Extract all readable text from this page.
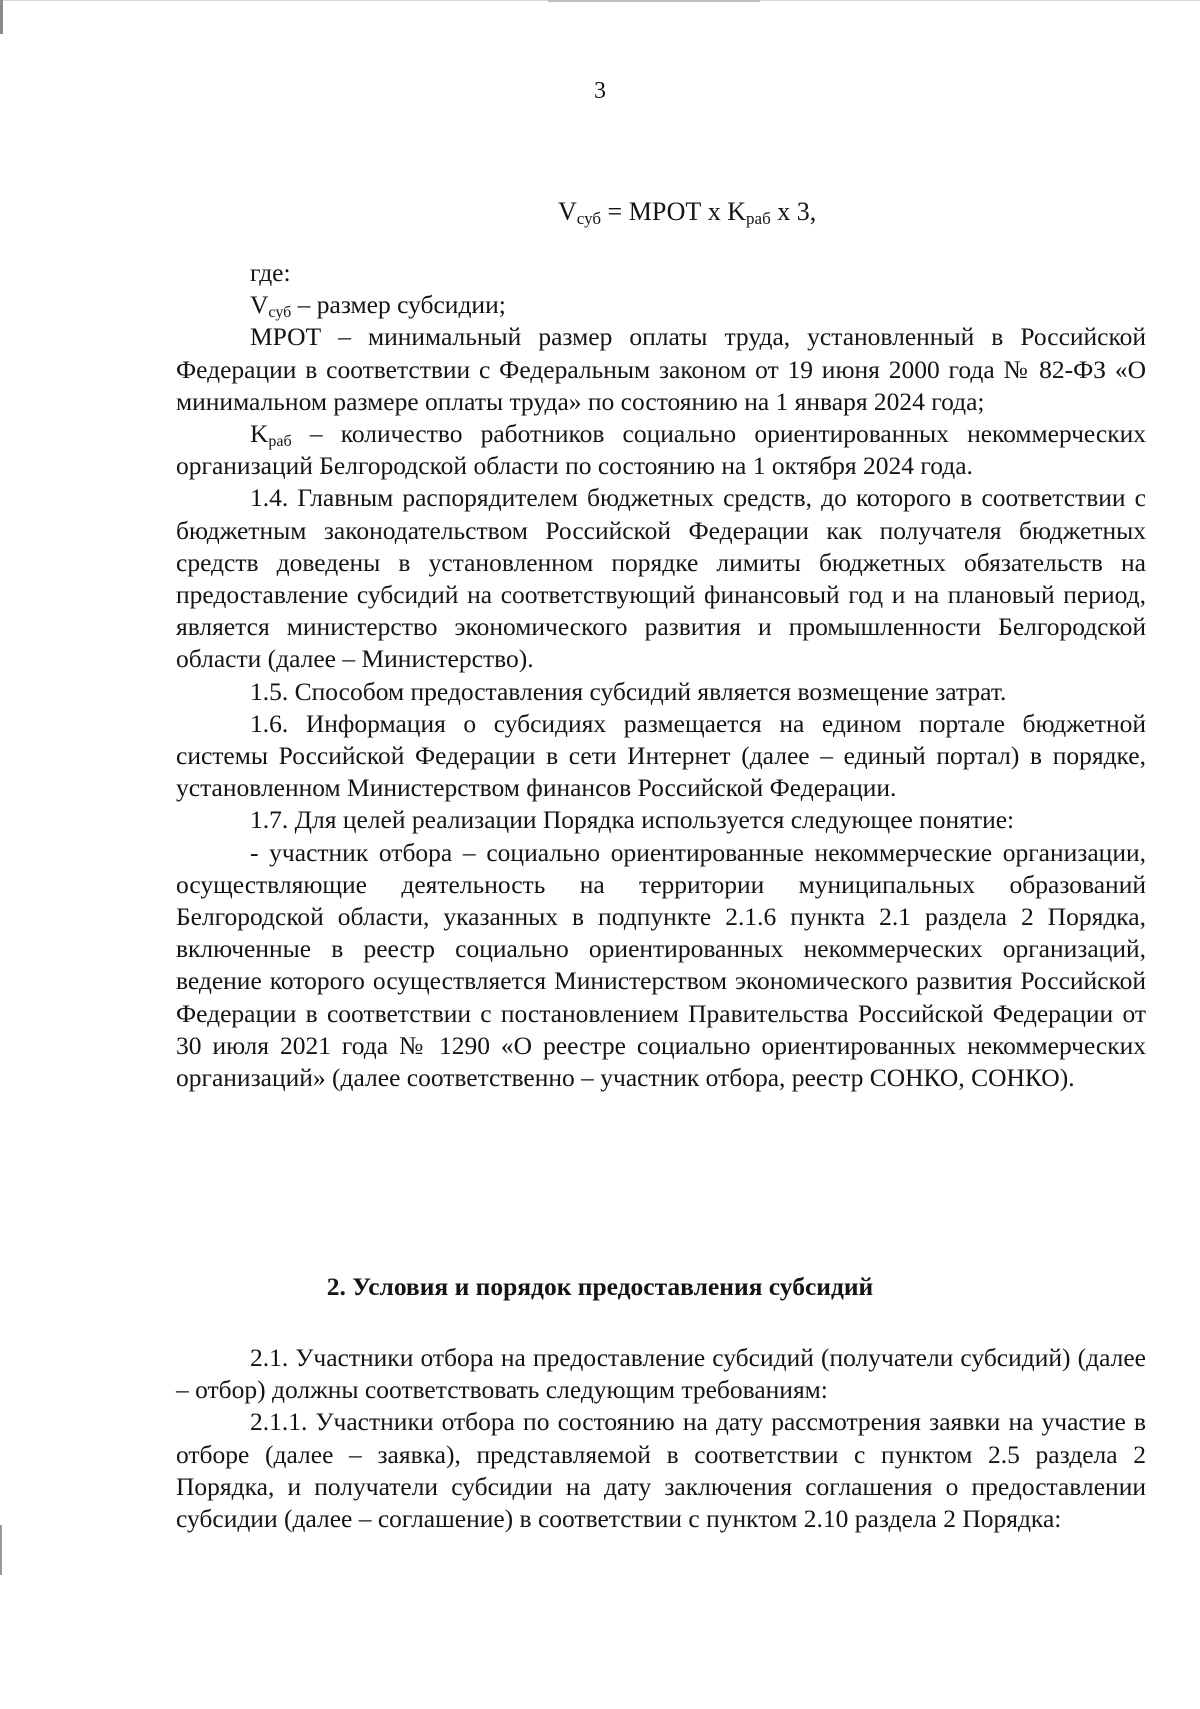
3
$V_{суб}$ = МРОТ х $K_{раб}$ х 3,

где:

$V_{суб}$ – размер субсидии;

МРОТ – минимальный размер оплаты труда, установленный в Российской Федерации в соответствии с Федеральным законом от 19 июня 2000 года № 82-ФЗ «О минимальном размере оплаты труда» по состоянию на 1 января 2024 года;

$K_{раб}$ – количество работников социально ориентированных некоммерческих организаций Белгородской области по состоянию на 1 октября 2024 года.

1.4. Главным распорядителем бюджетных средств, до которого в соответствии с бюджетным законодательством Российской Федерации как получателя бюджетных средств доведены в установленном порядке лимиты бюджетных обязательств на предоставление субсидий на соответствующий финансовый год и на плановый период, является министерство экономического развития и промышленности Белгородской области (далее – Министерство).

1.5. Способом предоставления субсидий является возмещение затрат.

1.6. Информация о субсидиях размещается на едином портале бюджетной системы Российской Федерации в сети Интернет (далее – единый портал) в порядке, установленном Министерством финансов Российской Федерации.

1.7. Для целей реализации Порядка используется следующее понятие:

- участник отбора – социально ориентированные некоммерческие организации, осуществляющие деятельность на территории муниципальных образований Белгородской области, указанных в подпункте 2.1.6 пункта 2.1 раздела 2 Порядка, включенные в реестр социально ориентированных некоммерческих организаций, ведение которого осуществляется Министерством экономического развития Российской Федерации в соответствии с постановлением Правительства Российской Федерации от 30 июля 2021 года № 1290 «О реестре социально ориентированных некоммерческих организаций» (далее соответственно – участник отбора, реестр СОНКО, СОНКО).

2. Условия и порядок предоставления субсидий

2.1. Участники отбора на предоставление субсидий (получатели субсидий) (далее – отбор) должны соответствовать следующим требованиям:

2.1.1. Участники отбора по состоянию на дату рассмотрения заявки на участие в отборе (далее – заявка), представляемой в соответствии с пунктом 2.5 раздела 2 Порядка, и получатели субсидии на дату заключения соглашения о предоставлении субсидии (далее – соглашение) в соответствии с пунктом 2.10 раздела 2 Порядка:
